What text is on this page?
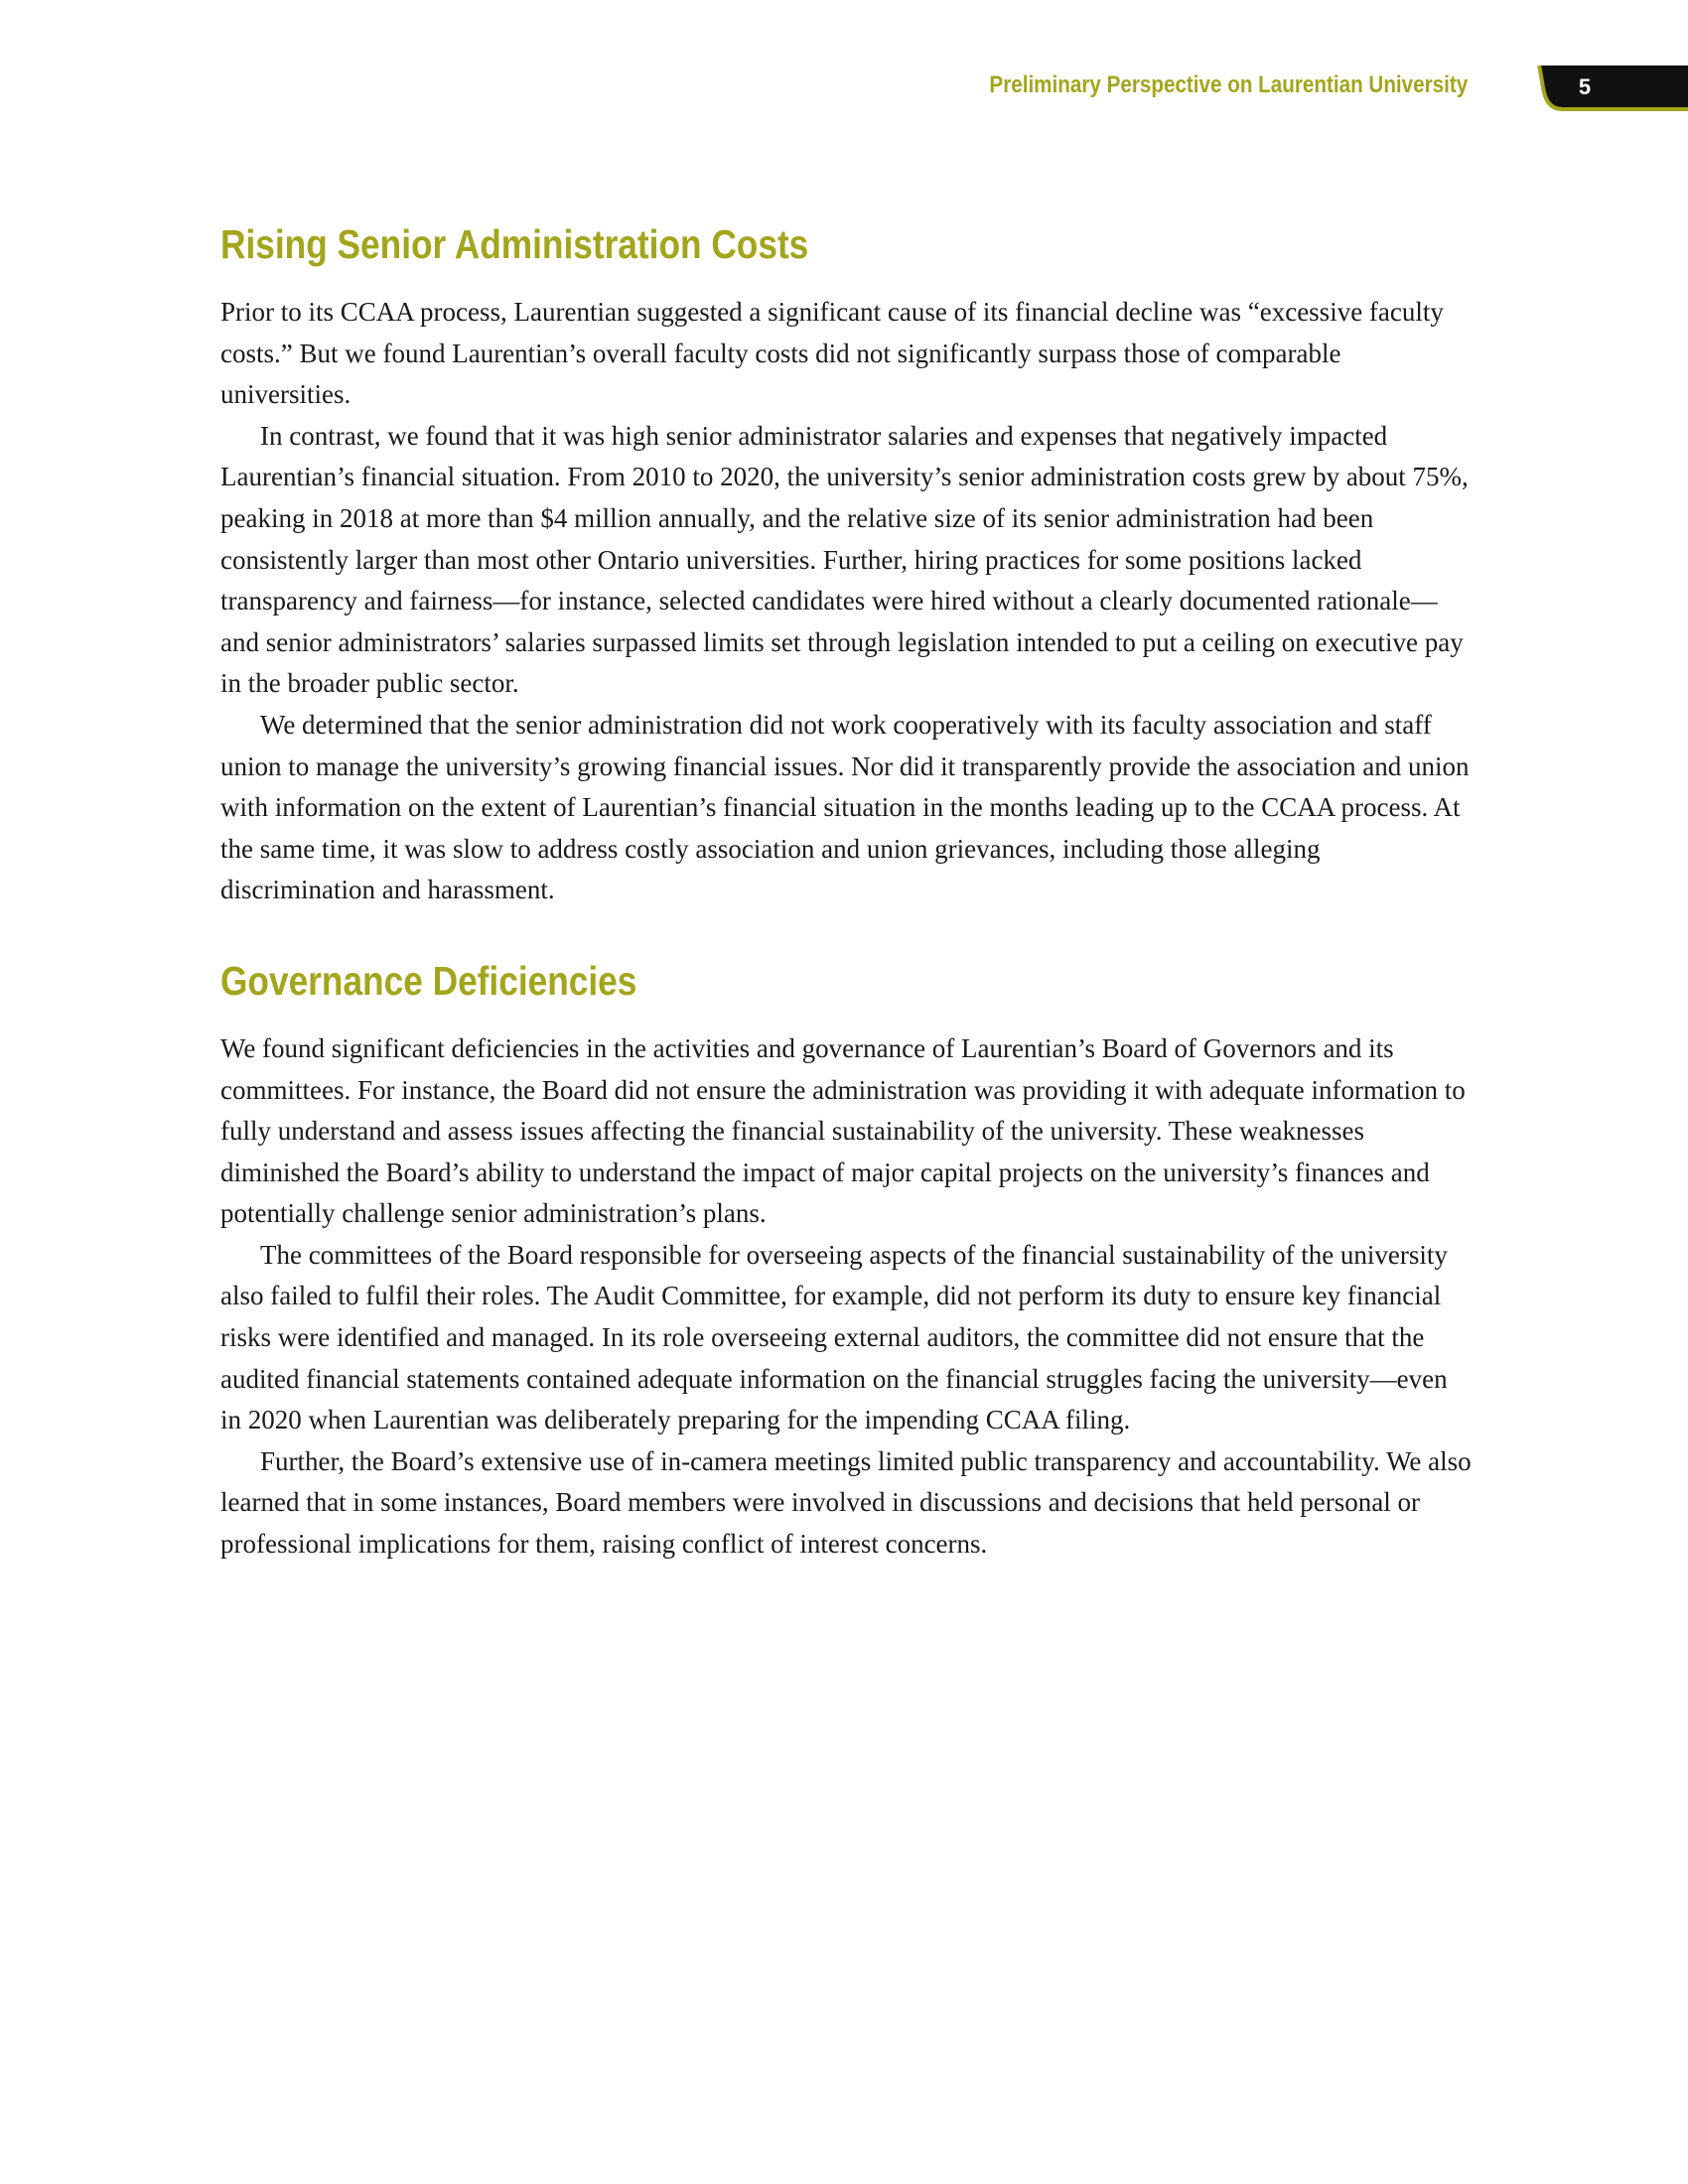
Preliminary Perspective on Laurentian University	5
Rising Senior Administration Costs

Prior to its CCAA process, Laurentian suggested a significant cause of its financial decline was “excessive faculty costs.” But we found Laurentian’s overall faculty costs did not significantly surpass those of comparable universities.

In contrast, we found that it was high senior administrator salaries and expenses that negatively impacted Laurentian’s financial situation. From 2010 to 2020, the university’s senior administration costs grew by about 75%, peaking in 2018 at more than $4 million annually, and the relative size of its senior administration had been consistently larger than most other Ontario universities. Further, hiring practices for some positions lacked transparency and fairness—for instance, selected candidates were hired without a clearly documented rationale—and senior administrators’ salaries surpassed limits set through legislation intended to put a ceiling on executive pay in the broader public sector.

We determined that the senior administration did not work cooperatively with its faculty association and staff union to manage the university’s growing financial issues. Nor did it transparently provide the association and union with information on the extent of Laurentian’s financial situation in the months leading up to the CCAA process. At the same time, it was slow to address costly association and union grievances, including those alleging discrimination and harassment.

Governance Deficiencies

We found significant deficiencies in the activities and governance of Laurentian’s Board of Governors and its committees. For instance, the Board did not ensure the administration was providing it with adequate information to fully understand and assess issues affecting the financial sustainability of the university. These weaknesses diminished the Board’s ability to understand the impact of major capital projects on the university’s finances and potentially challenge senior administration’s plans.

The committees of the Board responsible for overseeing aspects of the financial sustainability of the university also failed to fulfil their roles. The Audit Committee, for example, did not perform its duty to ensure key financial risks were identified and managed. In its role overseeing external auditors, the committee did not ensure that the audited financial statements contained adequate information on the financial struggles facing the university—even in 2020 when Laurentian was deliberately preparing for the impending CCAA filing.

Further, the Board’s extensive use of in-camera meetings limited public transparency and accountability. We also learned that in some instances, Board members were involved in discussions and decisions that held personal or professional implications for them, raising conflict of interest concerns.
